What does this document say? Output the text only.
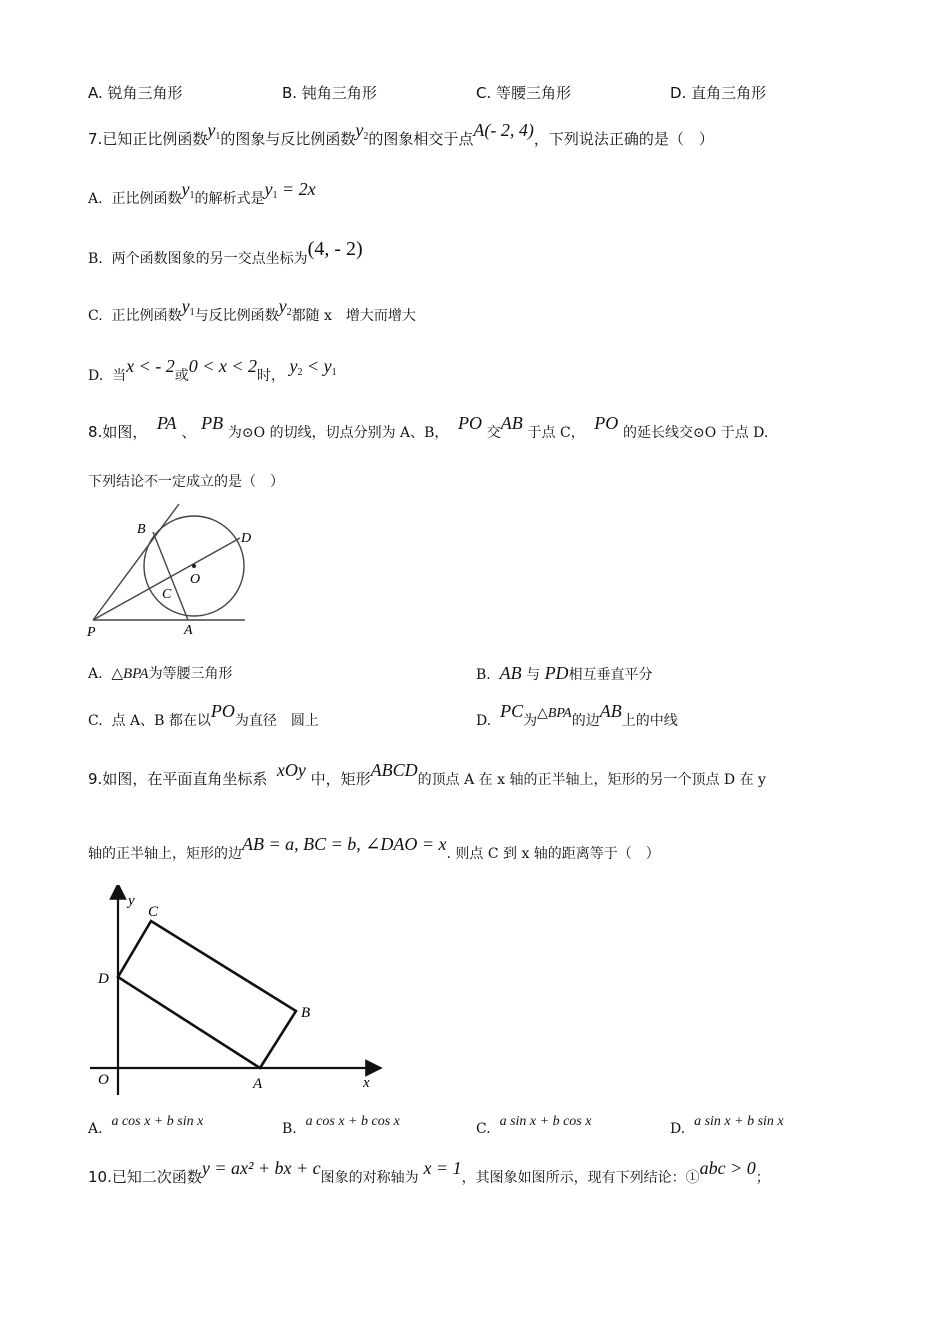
A. 锐角三角形	B. 钝角三角形	C. 等腰三角形	D. 直角三角形
7.已知正比例函数$y_1$的图象与反比例函数$y_2$的图象相交于点A(- 2, 4)，下列说法正确的是（　）
A. 正比例函数$y_1$的解析式是$y_1 = 2x$
B. 两个函数图象的另一交点坐标为(4, - 2)
C. 正比例函数$y_1$与反比例函数$y_2$都随 x　增大而增大
D. 当x < - 2或0 < x < 2时， $y_2 < y_1$
8.如图， PA 、 PB 为⊙O 的切线，切点分别为 A、B， PO 交AB 于点 C， PO 的延长线交⊙O 于点 D.
下列结论不一定成立的是（　）
B
D
O
C
P	A
A. △BPA为等腰三角形	B. AB 与 PD相互垂直平分
C. 点 A、B 都在以PO为直径　圆上	D. PC为△BPA的边AB上的中线
9.如图，在平面直角坐标系 xOy 中，矩形ABCD的顶点 A 在 x 轴的正半轴上，矩形的另一个顶点 D 在 y
轴的正半轴上，矩形的边AB = a, BC = b, ∠DAO = x. 则点 C 到 x 轴的距离等于（　）
y
x
O	A
B
C
D
A. a cos x + b sin x	B. a cos x + b cos x	C. a sin x + b cos x	D. a sin x + b sin x
10.已知二次函数y = ax² + bx + c图象的对称轴为 x = 1，其图象如图所示，现有下列结论：①abc > 0；
